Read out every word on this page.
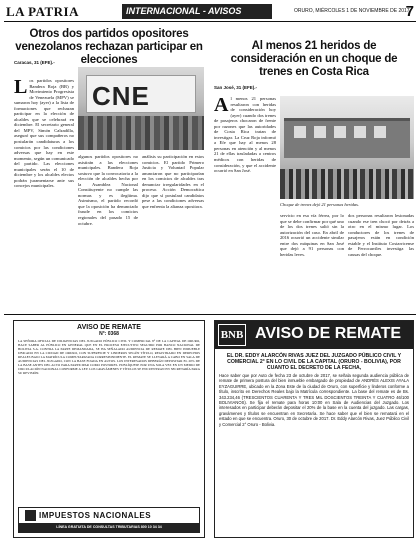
LA PATRIA	INTERNACIONAL - AVISOS	ORURO, MIÉRCOLES 1 DE NOVIEMBRE DE 2017
7
Otros dos partidos opositores venezolanos rechazan participar en elecciones
Caracas, 31 (EFE).-
L os partidos opositores Bandera Roja (BR) y Movimiento Progresista de Venezuela (MPV) se sumaron hoy (ayer) a la lista de formaciones que rechazan participar en la elección de alcaldes que se celebrará en diciembre. El secretario general del MPV, Simón Calzadilla, aseguró que sus compañeros no postularán candidaturas a los comicios por las condiciones adversas que hay en este momento, según un comunicado del partido. Las elecciones municipales serán el 10 de diciembre y los alcaldes electos podrán juramentarse ante sus concejos municipales.
CNE
algunos partidos opositores no asistirán a las elecciones municipales. Bandera Roja sostuvo que la convocatoria a la elección de alcaldes hecha por la Asamblea Nacional Constituyente no cumple las normas y es ilegítima. Asimismo, el partido recordó que la oposición ha denunciado fraude en los comicios regionales del pasado 15 de octubre.
análisis su participación en estos comicios. El partido Primero Justicia y Voluntad Popular anunciaron que no participarían en los comicios de alcaldes tras denunciar irregularidades en el proceso. Acción Democrática dijo que sí postulará candidatos pese a las condiciones adversas que enfrenta la alianza opositora.
Al menos 21 heridos de consideración en un choque de trenes en Costa Rica
San José, 31 (EFE).-
A l menos 21 personas resultaron con heridas de consideración hoy (ayer) cuando dos trenes de pasajeros chocaron de frente por razones que las autoridades de Costa Rica tratan de investigar. La Cruz Roja informó a Efe que hay al menos 28 personas en atención y al menos 21 de ellas trasladadas a centros médicos con heridas de consideración, y que el accidente ocurrió en San José.
Choque de trenes dejó 21 personas heridas.
servicio en esa vía férrea, por lo que se debe confirmar por qué uno de los dos trenes salió sin la autorización del caso. En abril de 2016 ocurrió un accidente similar entre dos máquinas en San José que dejó a 91 personas con heridas leves.
dos personas resultaron lesionadas cuando ese tren chocó por detrás a otro en el mismo lugar. Los conductores de los trenes de pasajeros están en condición estable y el Instituto Costarricense de Ferrocarriles investiga las causas del choque.
AVISO DE REMATE
N°: 0368
LA SEÑORA OFICIAL DE DILIGENCIAS DEL JUZGADO PÚBLICO CIVIL Y COMERCIAL 8° DE LA CAPITAL DE ORURO, HACE SABER AL PÚBLICO EN GENERAL QUE EN EL PROCESO EJECUTIVO SEGUIDO POR BANCO NACIONAL DE BOLIVIA S.A. CONTRA LA PARTE DEMANDADA, SE HA SEÑALADO AUDIENCIA DE REMATE DEL BIEN INMUEBLE UBICADO EN LA CIUDAD DE ORURO, CON SUPERFICIE Y LINDEROS SEGÚN TÍTULO, REGISTRADO EN DERECHOS REALES BAJO LA MATRÍCULA COMPUTARIZADA CORRESPONDIENTE. EL REMATE SE LLEVARÁ A CABO EN SALA DE AUDIENCIAS DEL JUZGADO, CON LA BASE FIJADA EN AUTOS. LOS INTERESADOS DEBERÁN DEPOSITAR EL 20% DE LA BASE ANTES DEL ACTO PARA PARTICIPAR COMO POSTORES. PUBLÍQUESE POR UNA SOLA VEZ EN UN MEDIO DE CIRCULACIÓN NACIONAL CONFORME A LEY. LOS GRAVÁMENES Y TÍTULOS SE ENCUENTRAN EN SECRETARÍA PARA SU REVISIÓN.
IMPUESTOS NACIONALES
LÍNEA GRATUITA DE CONSULTAS TRIBUTARIAS 800 10 34 34
BNB AVISO DE REMATE
EL DR. EDDY ALARCÓN RIVAS JUEZ DEL JUZGADO PÚBLICO CIVIL Y COMERCIAL 2° EN LO CIVIL DE LA CAPITAL (ORURO - BOLIVIA), POR CUANTO EL DECRETO DE LA FECHA,
Hace saber que por Auto de fecha 23 de octubre de 2017, se señala segunda audiencia pública de remate de primera postura del bien inmueble embargado de propiedad de ANDRÉS ALEXIS AYALA EYZAGUIRRE, ubicado en la Zona Este de la ciudad de Oruro, con superficie y linderos conforme a título, inscrito en Derechos Reales bajo la Matrícula correspondiente. La base del remate es de Bs. 343.234,46 (TRESCIENTOS CUARENTA Y TRES MIL DOSCIENTOS TREINTA Y CUATRO 46/100 BOLIVIANOS). Se fija el remate para horas 10:00 en Sala de Audiencias del Juzgado. Los interesados en participar deberán depositar el 20% de la base en la cuenta del juzgado. Las cargas, gravámenes y títulos se encuentran en Secretaría. Se hace saber que el bien se rematará en el estado en que se encuentra. Oruro, 30 de octubre de 2017. Dr. Eddy Alarcón Rivas, Juez Público Civil y Comercial 2° Oruro - Bolivia.
